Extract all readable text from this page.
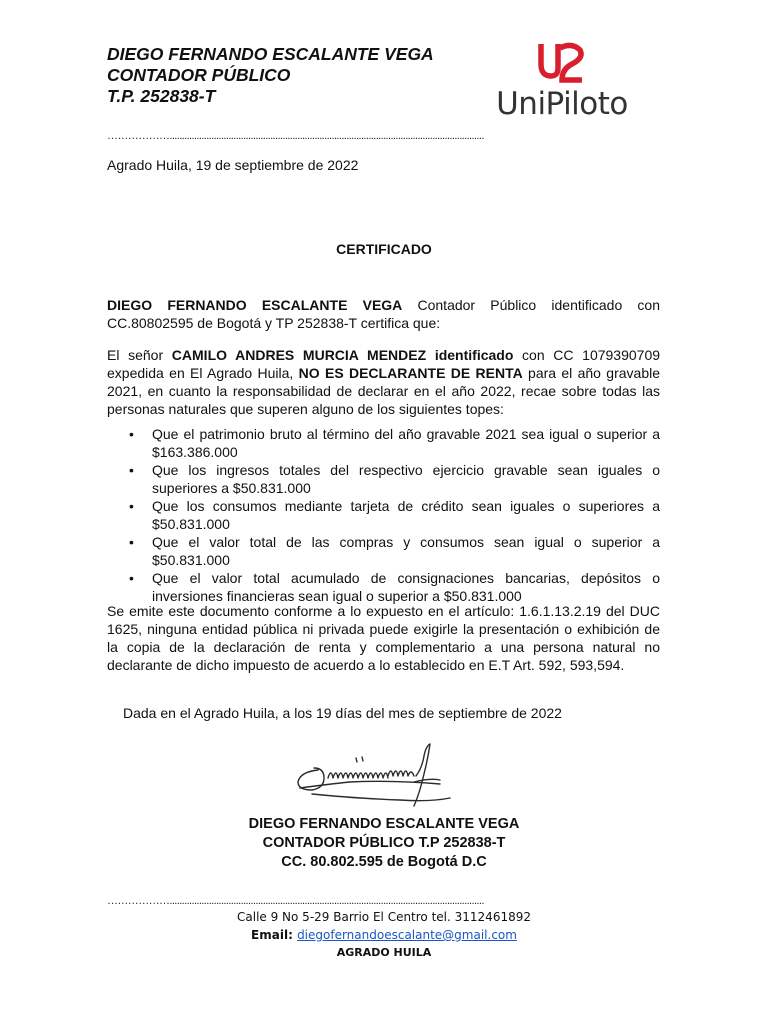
DIEGO FERNANDO ESCALANTE VEGA
CONTADOR PÚBLICO
T.P. 252838-T	UniPiloto
………………................................................................................................................................
Agrado Huila, 19 de septiembre de 2022
CERTIFICADO
DIEGO FERNANDO ESCALANTE VEGA Contador Público identificado con CC.80802595 de Bogotá y TP 252838-T certifica que:
El señor CAMILO ANDRES MURCIA MENDEZ identificado con CC 1079390709 expedida en El Agrado Huila, NO ES DECLARANTE DE RENTA para el año gravable 2021, en cuanto la responsabilidad de declarar en el año 2022, recae sobre todas las personas naturales que superen alguno de los siguientes topes:
• Que el patrimonio bruto al término del año gravable 2021 sea igual o superior a $163.386.000
• Que los ingresos totales del respectivo ejercicio gravable sean iguales o superiores a $50.831.000
• Que los consumos mediante tarjeta de crédito sean iguales o superiores a $50.831.000
• Que el valor total de las compras y consumos sean igual o superior a $50.831.000
• Que el valor total acumulado de consignaciones bancarias, depósitos o inversiones financieras sean igual o superior a $50.831.000
Se emite este documento conforme a lo expuesto en el artículo: 1.6.1.13.2.19 del DUC 1625, ninguna entidad pública ni privada puede exigirle la presentación o exhibición de la copia de la declaración de renta y complementario a una persona natural no declarante de dicho impuesto de acuerdo a lo establecido en E.T Art. 592, 593,594.
Dada en el Agrado Huila, a los 19 días del mes de septiembre de 2022
DIEGO FERNANDO ESCALANTE VEGA
CONTADOR PÚBLICO T.P 252838-T
CC. 80.802.595 de Bogotá D.C
………………................................................................................................................................
Calle 9 No 5-29 Barrio El Centro tel. 3112461892
Email: diegofernandoescalante@gmail.com
AGRADO HUILA
